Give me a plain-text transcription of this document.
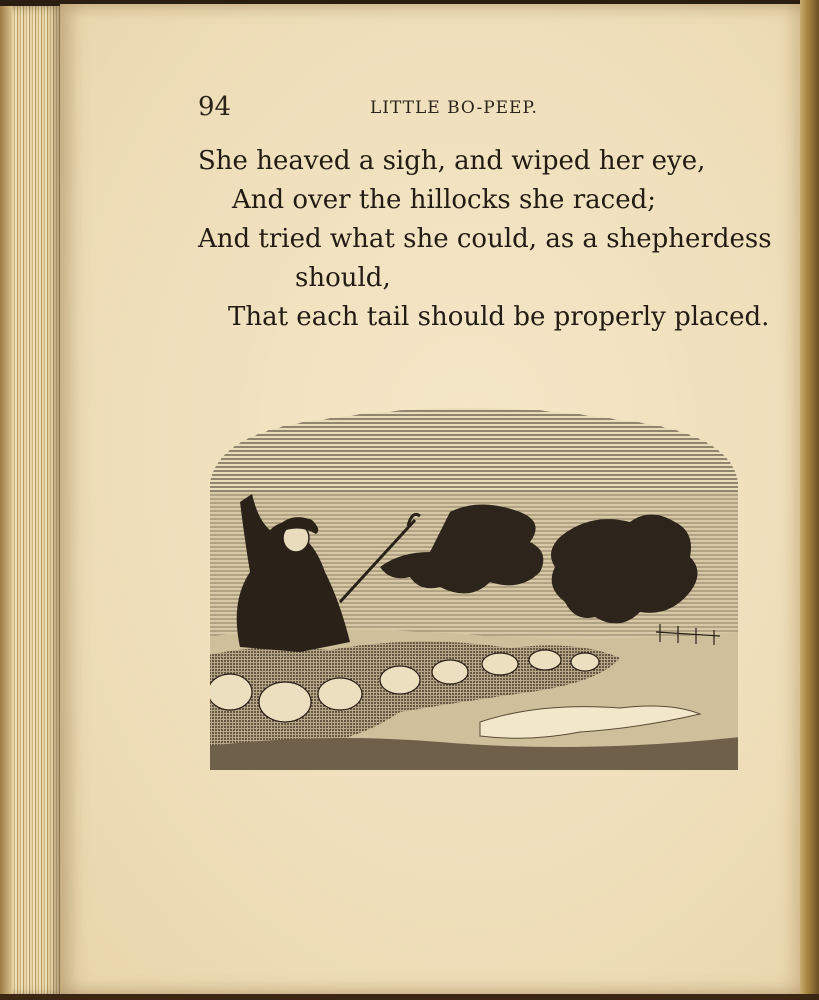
94	LITTLE BO-PEEP.
She heaved a sigh, and wiped her eye,
And over the hillocks she raced;
And tried what she could, as a shepherdess
should,
That each tail should be properly placed.
